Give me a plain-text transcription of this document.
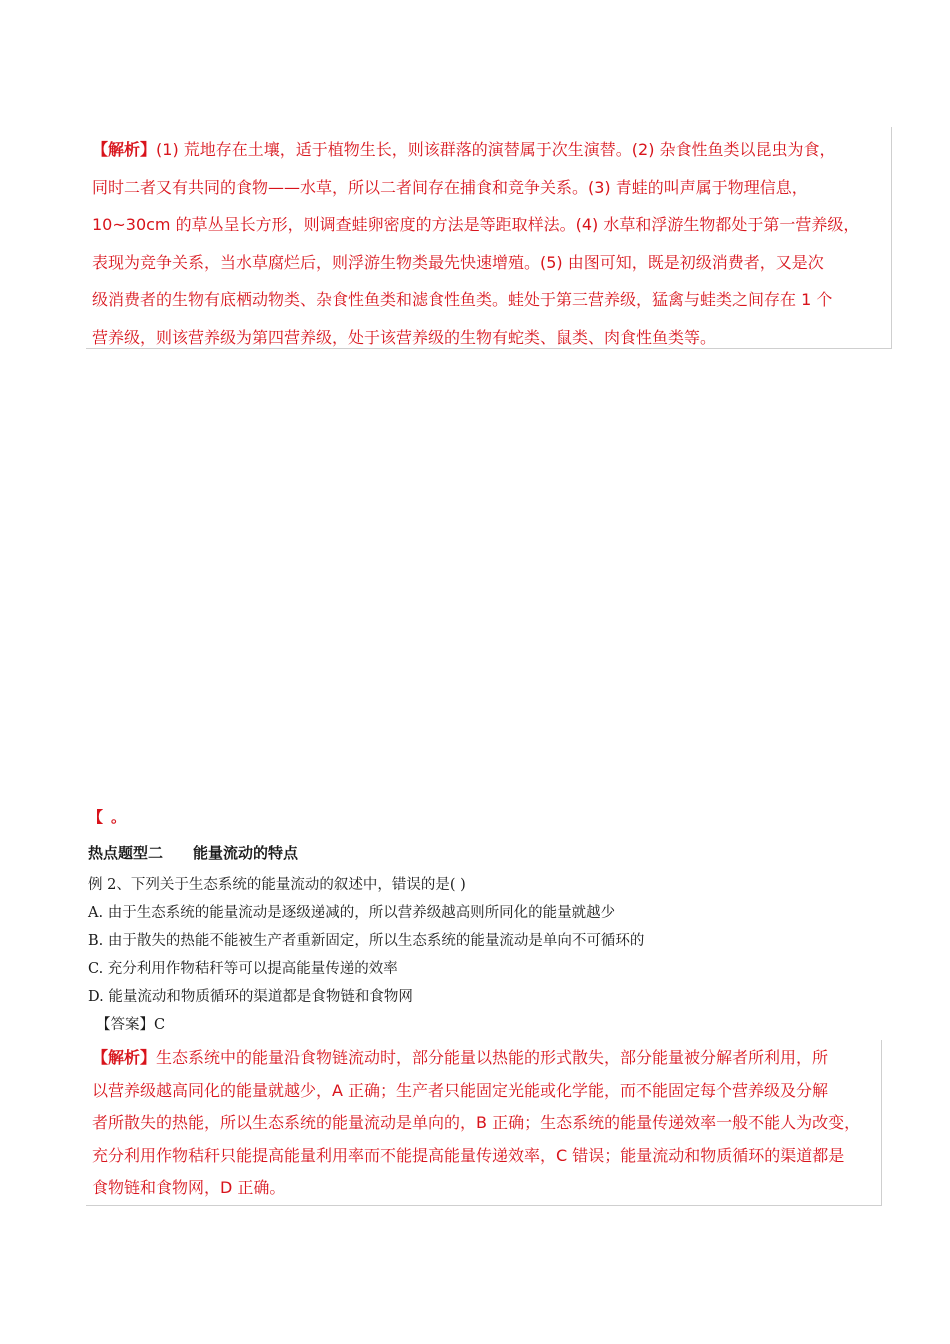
【解析】(1) 荒地存在土壤，适于植物生长，则该群落的演替属于次生演替。(2) 杂食性鱼类以昆虫为食，
同时二者又有共同的食物——水草，所以二者间存在捕食和竞争关系。(3) 青蛙的叫声属于物理信息，
10~30cm 的草丛呈长方形，则调查蛙卵密度的方法是等距取样法。(4) 水草和浮游生物都处于第一营养级，
表现为竞争关系，当水草腐烂后，则浮游生物类最先快速增殖。(5) 由图可知，既是初级消费者，又是次
级消费者的生物有底栖动物类、杂食性鱼类和滤食性鱼类。蛙处于第三营养级，猛禽与蛙类之间存在 1 个
营养级，则该营养级为第四营养级，处于该营养级的生物有蛇类、鼠类、肉食性鱼类等。
【 。
热点题型二 能量流动的特点
例 2、下列关于生态系统的能量流动的叙述中，错误的是( )
A. 由于生态系统的能量流动是逐级递减的，所以营养级越高则所同化的能量就越少
B. 由于散失的热能不能被生产者重新固定，所以生态系统的能量流动是单向不可循环的
C. 充分利用作物秸秆等可以提高能量传递的效率
D. 能量流动和物质循环的渠道都是食物链和食物网
【答案】C
【解析】生态系统中的能量沿食物链流动时，部分能量以热能的形式散失，部分能量被分解者所利用，所
以营养级越高同化的能量就越少，A 正确；生产者只能固定光能或化学能，而不能固定每个营养级及分解
者所散失的热能，所以生态系统的能量流动是单向的，B 正确；生态系统的能量传递效率一般不能人为改变，
充分利用作物秸秆只能提高能量利用率而不能提高能量传递效率，C 错误；能量流动和物质循环的渠道都是
食物链和食物网，D 正确。
